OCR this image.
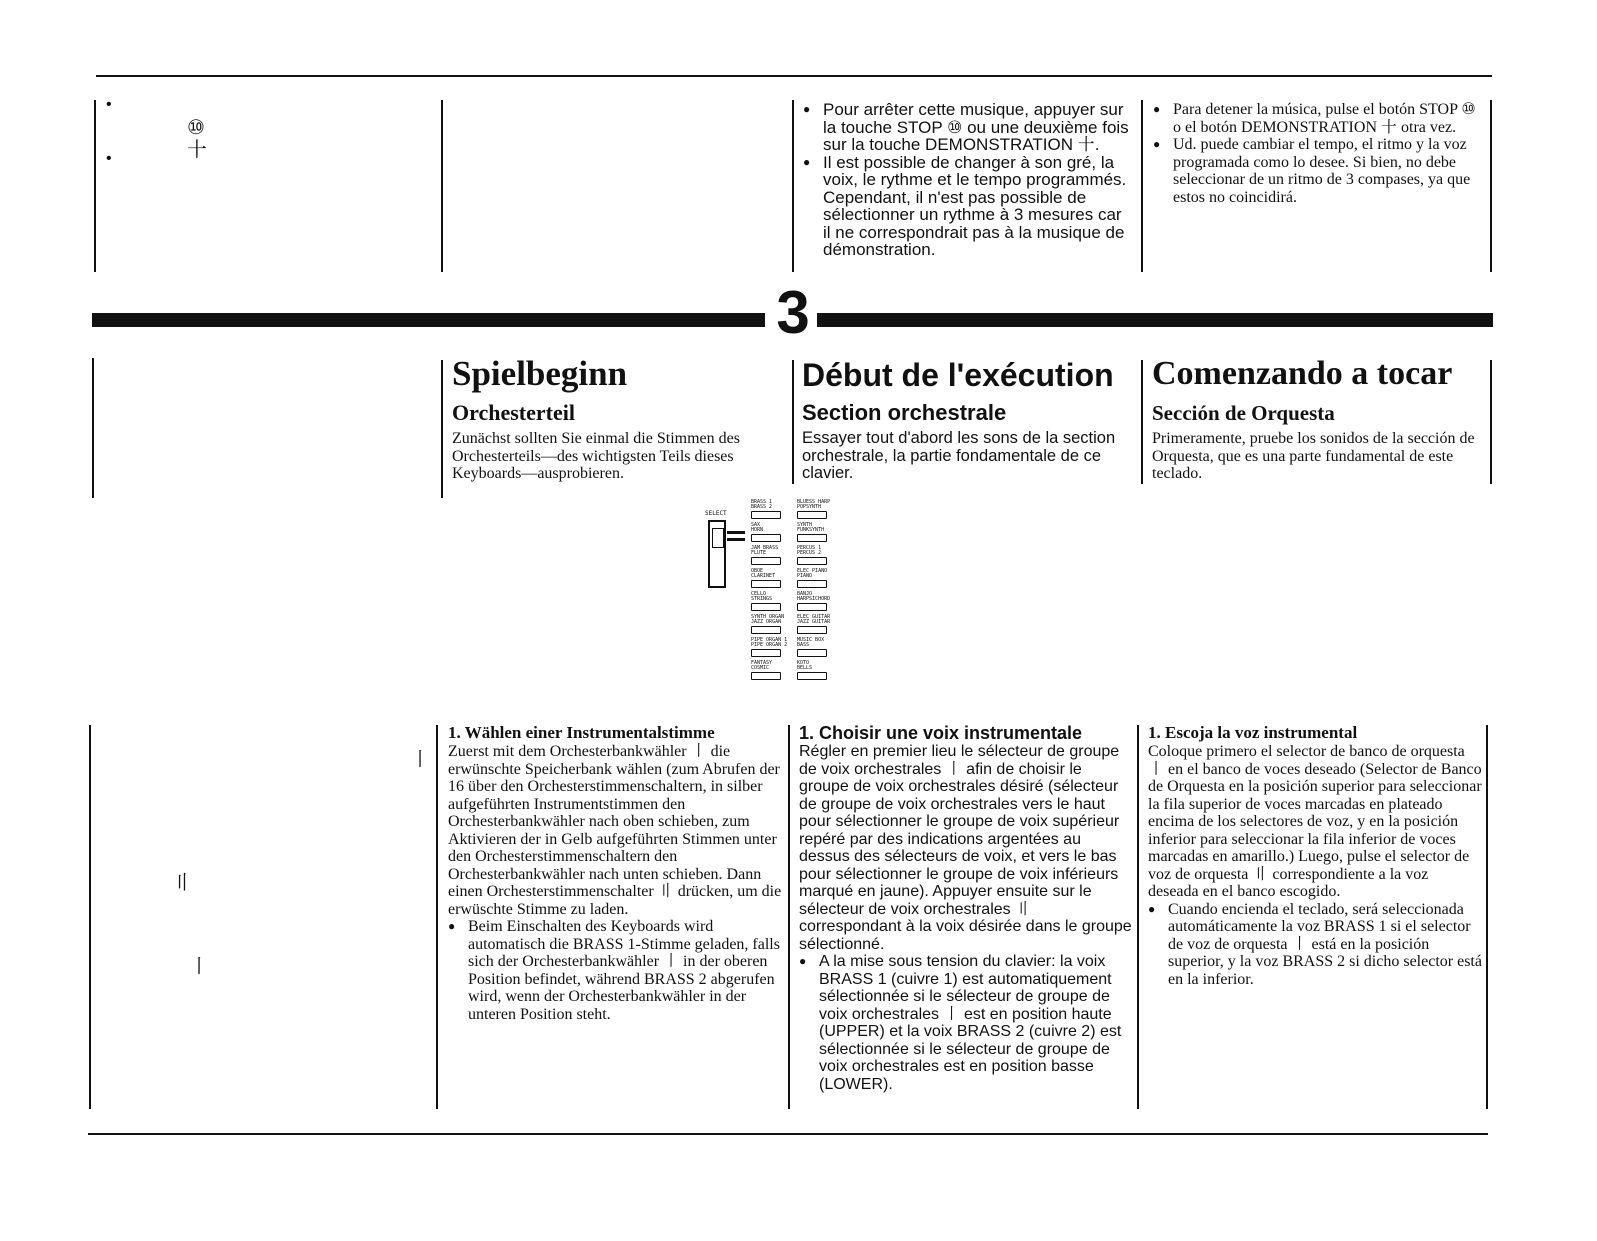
3
•
⑩
〸
•
● Pour arrêter cette musique, appuyer sur la touche STOP ⑩ ou une deuxième fois sur la touche DEMONSTRATION 〸.
● Il est possible de changer à son gré, la voix, le rythme et le tempo programmés. Cependant, il n'est pas possible de sélectionner un rythme à 3 mesures car il ne correspondrait pas à la musique de démonstration.
● Para detener la música, pulse el botón STOP ⑩ o el botón DEMONSTRATION 〸 otra vez.
● Ud. puede cambiar el tempo, el ritmo y la voz programada como lo desee. Si bien, no debe seleccionar de un ritmo de 3 compases, ya que estos no coincidirá.
Spielbeginn
Orchesterteil

Zunächst sollten Sie einmal die Stimmen des Orchesterteils—des wichtigsten Teils dieses Keyboards—ausprobieren.

Début de l'exécution
Section orchestrale

Essayer tout d'abord les sons de la section orchestrale, la partie fondamentale de ce clavier.

Comenzando a tocar
Sección de Orquesta

Primeramente, pruebe los sonidos de la sección de Orquesta, que es una parte fundamental de este teclado.

SELECT
BRASS 1
BRASS 2
SAX
HORN
JAM BRASS
FLUTE
OBOE
CLARINET
CELLO
STRINGS
SYNTH ORGAN
JAZZ ORGAN
PIPE ORGAN 1
PIPE ORGAN 2
FANTASY
COSMIC
BLUESS HARP
POPSYNTH
SYNTH
FUNKSYNTH
PERCUS 1
PERCUS 2
ELEC PIANO
PIANO
BANJO
HARPSICHORD
ELEC GUITAR
JAZZ GUITAR
MUSIC BOX
BASS
KOTO
BELLS
〡
〢
〡
1. Wählen einer Instrumentalstimme

Zuerst mit dem Orchesterbankwähler 〡 die erwünschte Speicherbank wählen (zum Abrufen der 16 über den Orchesterstimmenschaltern, in silber aufgeführten Instrumentstimmen den Orchesterbankwähler nach oben schieben, zum Aktivieren der in Gelb aufgeführten Stimmen unter den Orchesterstimmenschaltern den Orchesterbankwähler nach unten schieben. Dann einen Orchesterstimmenschalter 〢 drücken, um die erwüschte Stimme zu laden.

● Beim Einschalten des Keyboards wird automatisch die BRASS 1-Stimme geladen, falls sich der Orchesterbankwähler 〡 in der oberen Position befindet, während BRASS 2 abgerufen wird, wenn der Orchesterbankwähler in der unteren Position steht.
1. Choisir une voix instrumentale

Régler en premier lieu le sélecteur de groupe de voix orchestrales 〡 afin de choisir le groupe de voix orchestrales désiré (sélecteur de groupe de voix orchestrales vers le haut pour sélectionner le groupe de voix supérieur repéré par des indications argentées au dessus des sélecteurs de voix, et vers le bas pour sélectionner le groupe de voix inférieurs marqué en jaune). Appuyer ensuite sur le sélecteur de voix orchestrales 〢 correspondant à la voix désirée dans le groupe sélectionné.

● A la mise sous tension du clavier: la voix BRASS 1 (cuivre 1) est automatiquement sélectionnée si le sélecteur de groupe de voix orchestrales 〡 est en position haute (UPPER) et la voix BRASS 2 (cuivre 2) est sélectionnée si le sélecteur de groupe de voix orchestrales est en position basse (LOWER).
1. Escoja la voz instrumental

Coloque primero el selector de banco de orquesta 〡 en el banco de voces deseado (Selector de Banco de Orquesta en la posición superior para seleccionar la fila superior de voces marcadas en plateado encima de los selectores de voz, y en la posición inferior para seleccionar la fila inferior de voces marcadas en amarillo.) Luego, pulse el selector de voz de orquesta 〢 correspondiente a la voz deseada en el banco escogido.

● Cuando encienda el teclado, será seleccionada automáticamente la voz BRASS 1 si el selector de voz de orquesta 〡 está en la posición superior, y la voz BRASS 2 si dicho selector está en la inferior.
